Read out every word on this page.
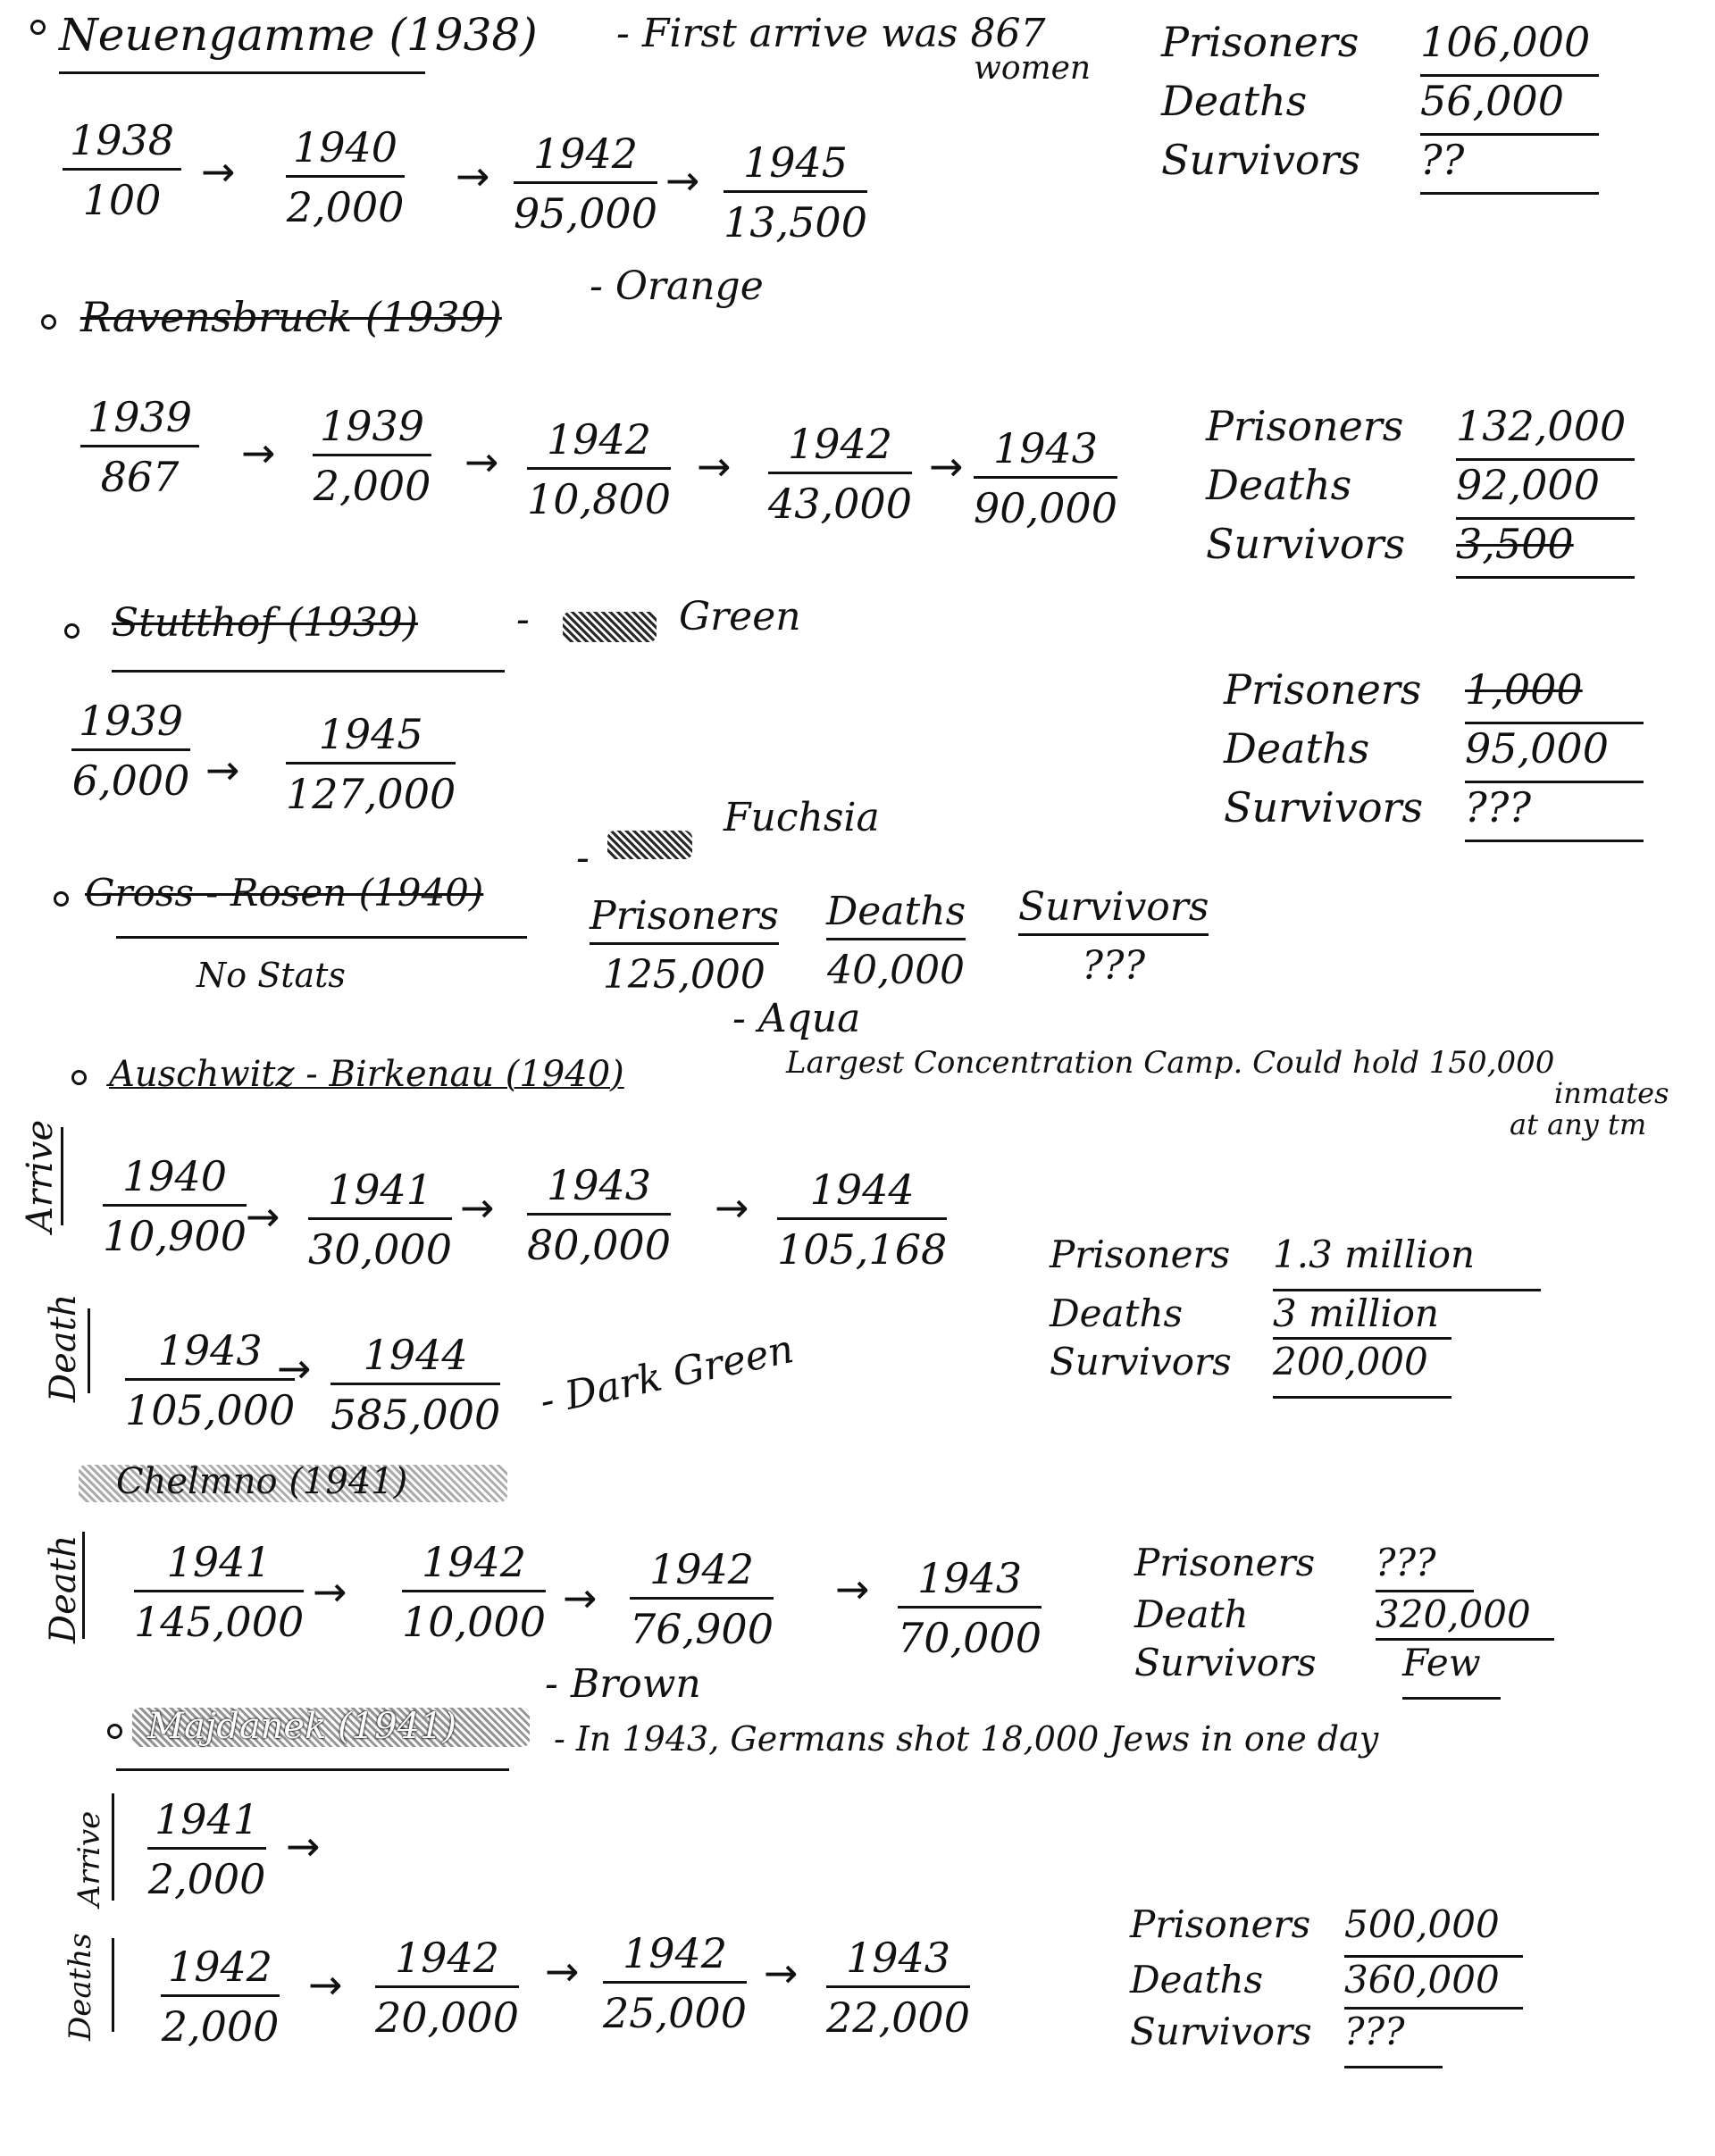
Neuengamme (1938) - First arrive was 867
women
$\frac{1938}{100} \to \frac{1940}{2,000} \to \frac{1942}{95,000} \to \frac{1945}{13,500}$
Prisoners	106,000
Deaths	56,000
Survivors	??
Ravensbruck (1939)
- Orange
$\frac{1939}{867} \to \frac{1939}{2,000} \to \frac{1942}{10,800} \to \frac{1942}{43,000} \to \frac{1943}{90,000}$ Prisoners	132,000
Deaths	92,000
Survivors	3,500
Stutthof (1939)	-	Green
$\frac{1939}{6,000} \to \frac{1945}{127,000}$
Prisoners	1,000
Deaths	95,000
Survivors	???
-
Fuchsia
Gross - Rosen (1940)
No Stats
Prisoners
125,000
Deaths
40,000
Survivors
???
- Aqua
Auschwitz - Birkenau (1940)	Largest Concentration Camp. Could hold 150,000
inmates
at any tm
Arrive $\frac{1940}{10,900} \to \frac{1941}{30,000} \to \frac{1943}{80,000} \to \frac{1944}{105,168}$
Death $\frac{1943}{105,000}$
→ $\frac{1944}{585,000}$
Prisoners	1.3 million
Deaths	3 million
Survivors	200,000
- Dark Green
Chelmno (1941)
Death $\frac{1941}{145,000} \to \frac{1942}{10,000} \to \frac{1942}{76,900} \to \frac{1943}{70,000}$ Prisoners	???
Death	320,000
Survivors	Few
- Brown
Majdanek (1941)	- In 1943, Germans shot 18,000 Jews in one day
Arrive $\frac{1941}{2,000}$ →
Deaths $\frac{1942}{2,000} \to \frac{1942}{20,000} \to \frac{1942}{25,000} \to \frac{1943}{22,000}$
Prisoners 500,000
Deaths	360,000
Survivors ???
